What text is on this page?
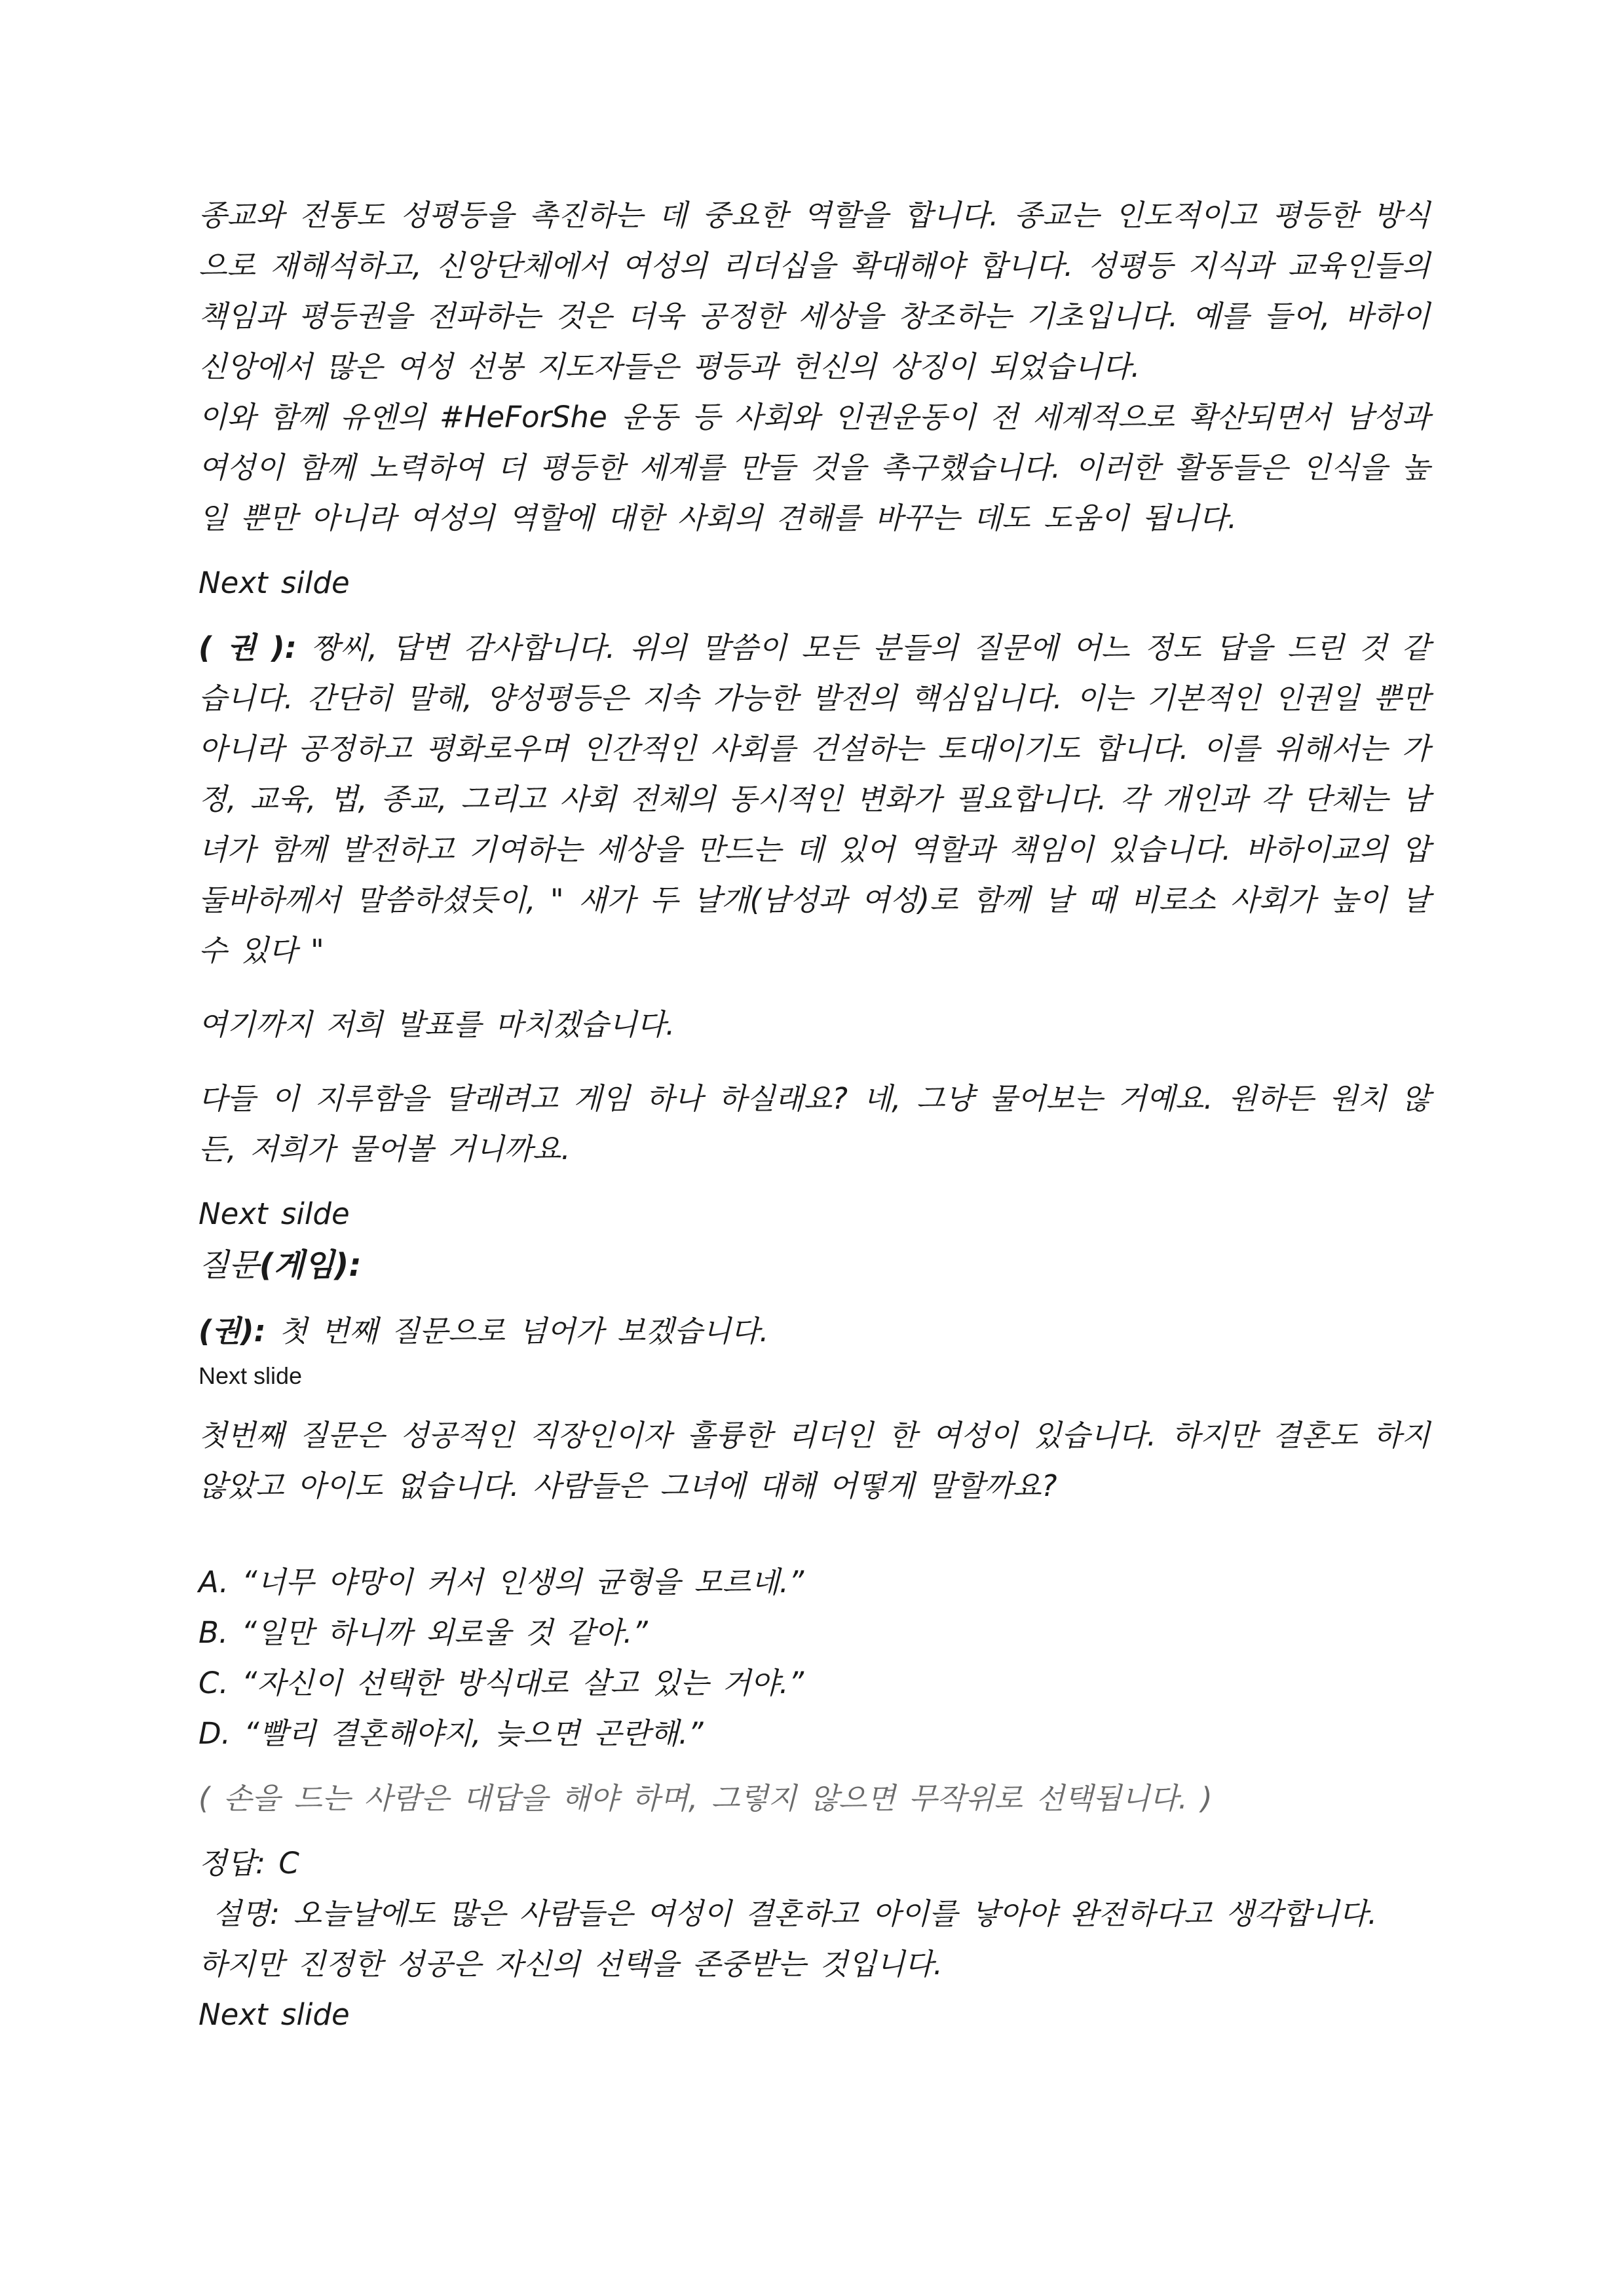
종교와 전통도 성평등을 촉진하는 데 중요한 역할을 합니다. 종교는 인도적이고 평등한 방식으로 재해석하고, 신앙단체에서 여성의 리더십을 확대해야 합니다. 성평등 지식과 교육인들의 책임과 평등권을 전파하는 것은 더욱 공정한 세상을 창조하는 기초입니다. 예를 들어, 바하이 신앙에서 많은 여성 선봉 지도자들은 평등과 헌신의 상징이 되었습니다.

이와 함께 유엔의 #HeForShe 운동 등 사회와 인권운동이 전 세계적으로 확산되면서 남성과 여성이 함께 노력하여 더 평등한 세계를 만들 것을 촉구했습니다. 이러한 활동들은 인식을 높일 뿐만 아니라 여성의 역할에 대한 사회의 견해를 바꾸는 데도 도움이 됩니다.

Next silde

( 권 ): 짱씨, 답변 감사합니다. 위의 말씀이 모든 분들의 질문에 어느 정도 답을 드린 것 같습니다. 간단히 말해, 양성평등은 지속 가능한 발전의 핵심입니다. 이는 기본적인 인권일 뿐만 아니라 공정하고 평화로우며 인간적인 사회를 건설하는 토대이기도 합니다. 이를 위해서는 가정, 교육, 법, 종교, 그리고 사회 전체의 동시적인 변화가 필요합니다. 각 개인과 각 단체는 남녀가 함께 발전하고 기여하는 세상을 만드는 데 있어 역할과 책임이 있습니다. 바하이교의 압둘바하께서 말씀하셨듯이, " 새가 두 날개(남성과 여성)로 함께 날 때 비로소 사회가 높이 날 수 있다 "

여기까지 저희 발표를 마치겠습니다.

다들 이 지루함을 달래려고 게임 하나 하실래요? 네, 그냥 물어보는 거예요. 원하든 원치 않든, 저희가 물어볼 거니까요.

Next silde

질문(게임):

(권): 첫 번째 질문으로 넘어가 보겠습니다.

Next slide

첫번째 질문은 성공적인 직장인이자 훌륭한 리더인 한 여성이 있습니다. 하지만 결혼도 하지 않았고 아이도 없습니다. 사람들은 그녀에 대해 어떻게 말할까요?

A. “너무 야망이 커서 인생의 균형을 모르네.”

B. “일만 하니까 외로울 것 같아.”

C. “자신이 선택한 방식대로 살고 있는 거야.”

D. “빨리 결혼해야지, 늦으면 곤란해.”

( 손을 드는 사람은 대답을 해야 하며, 그렇지 않으면 무작위로 선택됩니다. )

정답: C

설명: 오늘날에도 많은 사람들은 여성이 결혼하고 아이를 낳아야 완전하다고 생각합니다.

하지만 진정한 성공은 자신의 선택을 존중받는 것입니다.

Next slide
